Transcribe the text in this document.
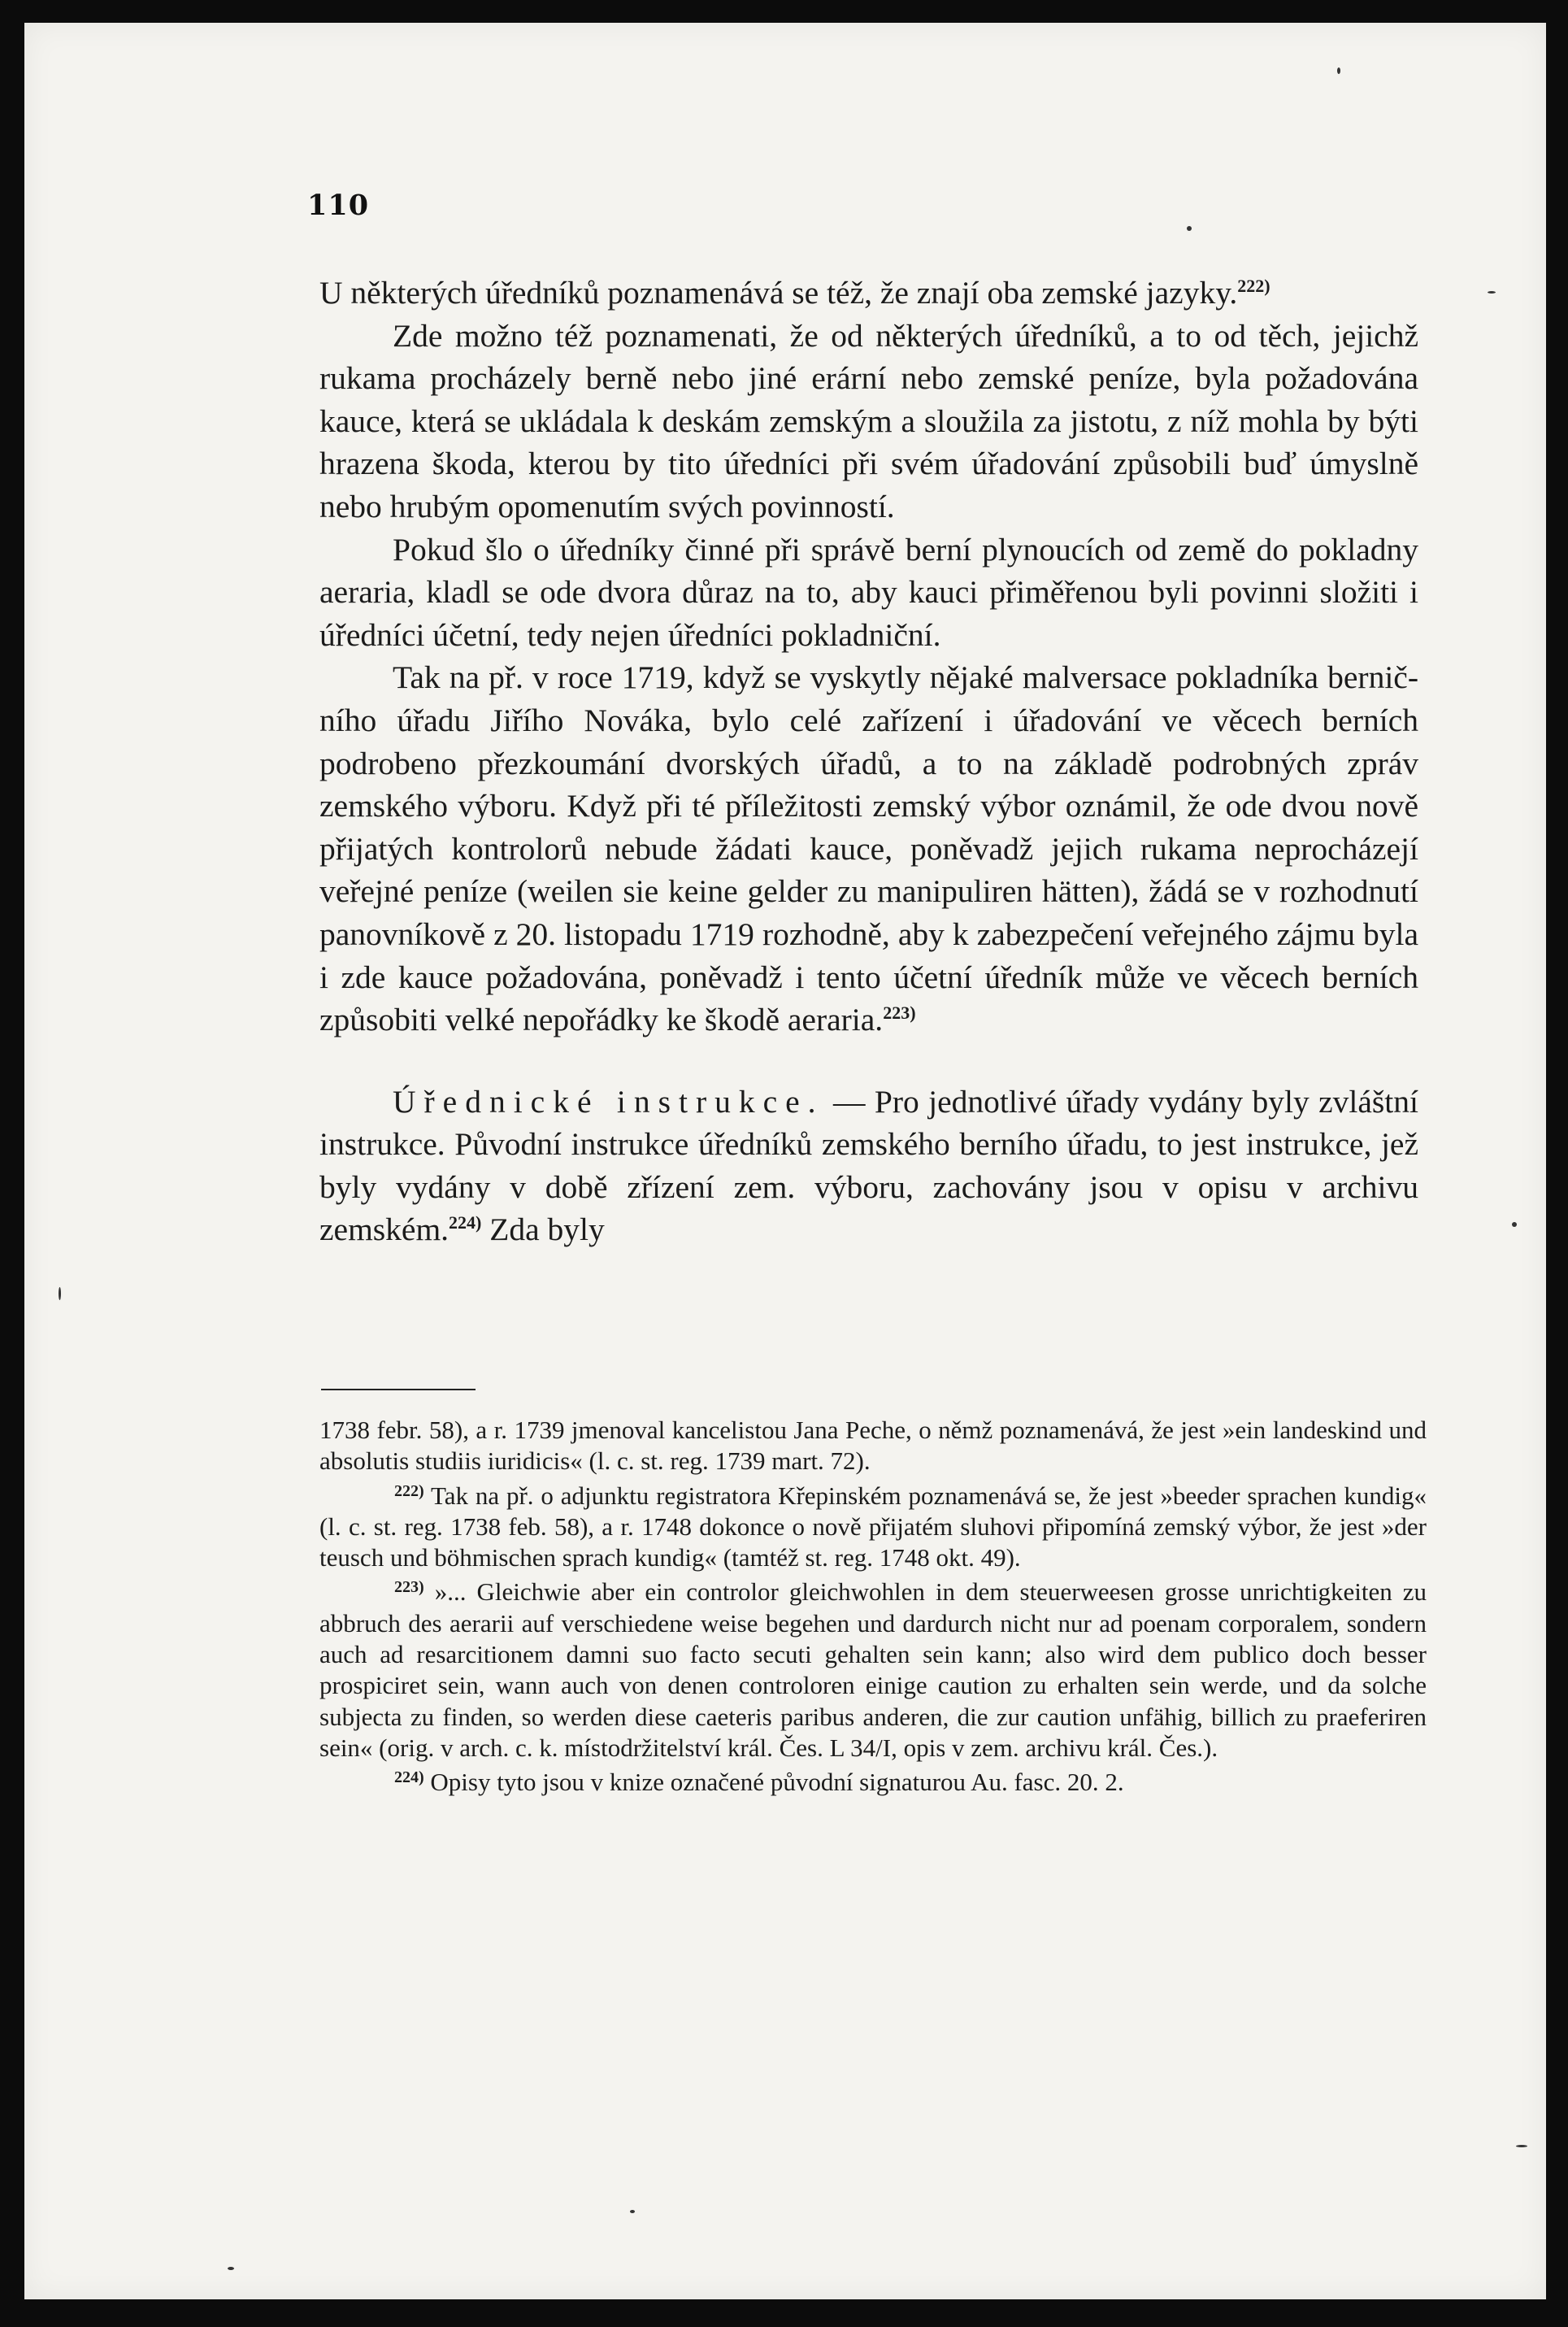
110

U některých úředníků poznamenává se též, že znají oba zemské jazyky.$^{222)}$

Zde možno též poznamenati, že od některých úředníků, a to od těch, jejichž rukama procházely berně nebo jiné erární nebo zemské peníze, byla požadována kauce, která se ukládala k deskám zemským a sloužila za jistotu, z níž mohla by býti hrazena škoda, kterou by tito úředníci při svém úřadování způsobili buď úmyslně nebo hrubým opomenutím svých povinností.

Pokud šlo o úředníky činné při správě berní plynoucích od země do pokladny aeraria, kladl se ode dvora důraz na to, aby kauci přiměřenou byli povinni složiti i úředníci účetní, tedy nejen úředníci pokladniční.

Tak na př. v roce 1719, když se vyskytly nějaké malversace pokladníka berničního úřadu Jiřího Nováka, bylo celé zařízení i úřadování ve věcech berních podrobeno přezkoumání dvorských úřadů, a to na základě podrobných zpráv zemského výboru. Když při té příležitosti zemský výbor oznámil, že ode dvou nově přijatých kontrolorů nebude žádati kauce, poněvadž jejich rukama neprocházejí veřejné peníze (weilen sie keine gelder zu manipuliren hätten), žádá se v rozhodnutí panovníkově z 20. listopadu 1719 rozhodně, aby k zabezpečení veřejného zájmu byla i zde kauce požadována, poněvadž i tento účetní úředník může ve věcech berních způsobiti velké nepořádky ke škodě aeraria.$^{223)}$

Úřednické instrukce. — Pro jednotlivé úřady vydány byly zvláštní instrukce. Původní instrukce úředníků zemského berního úřadu, to jest instrukce, jež byly vydány v době zřízení zem. výboru, zachovány jsou v opisu v archivu zemském.$^{224)}$ Zda byly

1738 febr. 58), a r. 1739 jmenoval kancelistou Jana Peche, o němž poznamenává, že jest »ein landeskind und absolutis studiis iuridicis« (l. c. st. reg. 1739 mart. 72).

$^{222)}$ Tak na př. o adjunktu registratora Křepinském poznamenává se, že jest »beeder sprachen kundig« (l. c. st. reg. 1738 feb. 58), a r. 1748 dokonce o nově přijatém sluhovi připomíná zemský výbor, že jest »der teusch und böhmischen sprach kundig« (tamtéž st. reg. 1748 okt. 49).

$^{223)}$ »... Gleichwie aber ein controlor gleichwohlen in dem steuerweesen grosse unrichtigkeiten zu abbruch des aerarii auf verschiedene weise begehen und dardurch nicht nur ad poenam corporalem, sondern auch ad resarcitionem damni suo facto secuti gehalten sein kann; also wird dem publico doch besser prospiciret sein, wann auch von denen controloren einige caution zu erhalten sein werde, und da solche subjecta zu finden, so werden diese caeteris paribus anderen, die zur caution unfähig, billich zu praeferiren sein« (orig. v arch. c. k. místodržitelství král. Čes. L 34/I, opis v zem. archivu král. Čes.).

$^{224)}$ Opisy tyto jsou v knize označené původní signaturou Au. fasc. 20. 2.
